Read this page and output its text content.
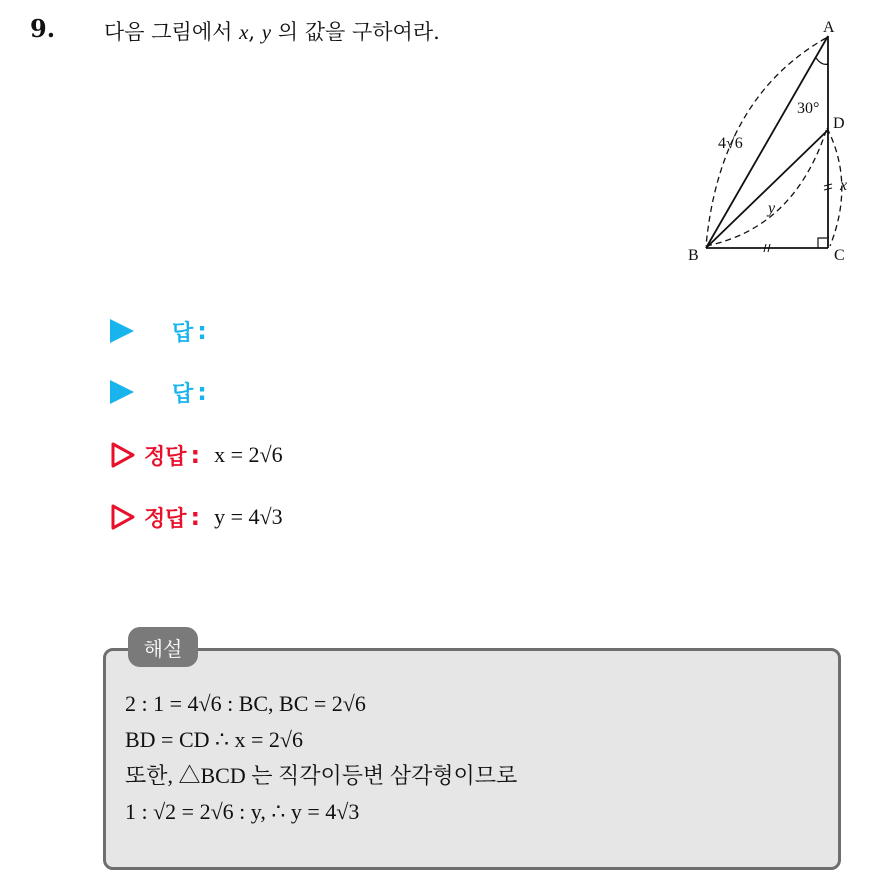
9. 다음 그림에서 x, y 의 값을 구하여라.	A
D
B	C
4√6
30°
x
y
답 :
답 :
정답 : x = 2√6
정답 : y = 4√3
해설
2 : 1 = 4√6 : BC, BC = 2√6
BD = CD ∴ x = 2√6
또한, △BCD 는 직각이등변 삼각형이므로
1 : √2 = 2√6 : y, ∴ y = 4√3
